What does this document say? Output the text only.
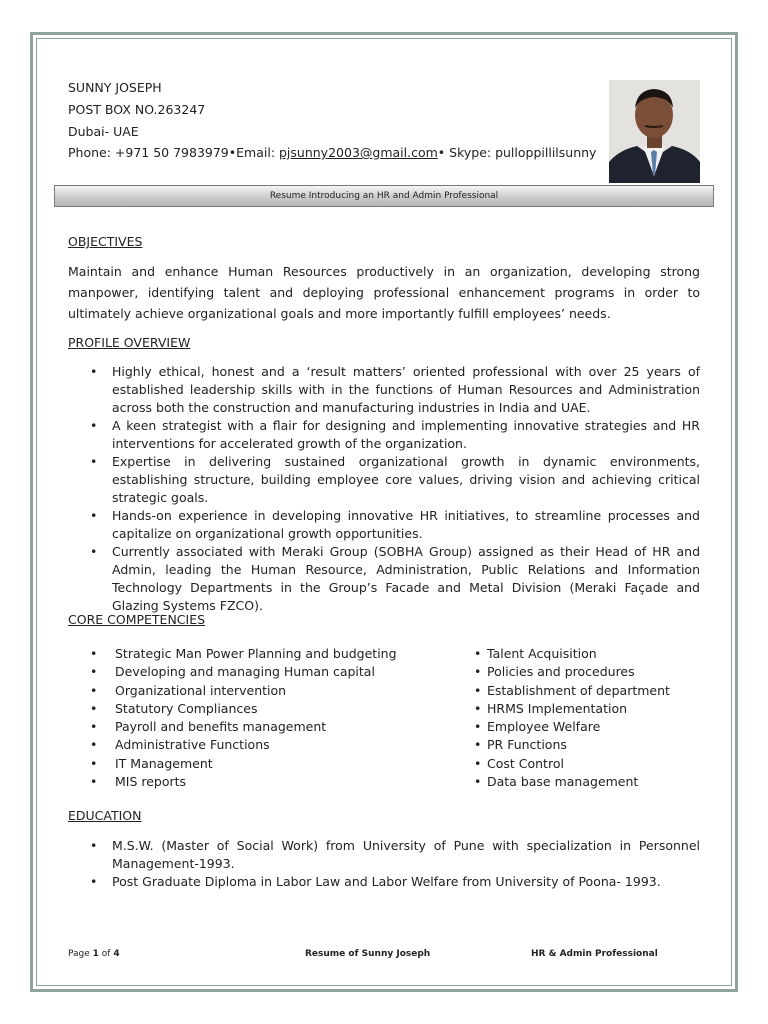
SUNNY JOSEPH
POST BOX NO.263247
Dubai- UAE
Phone: +971 50 7983979•Email: pjsunny2003@gmail.com• Skype: pulloppillilsunny
Resume Introducing an HR and Admin Professional
OBJECTIVES
Maintain and enhance Human Resources productively in an organization, developing strong manpower, identifying talent and deploying professional enhancement programs in order to ultimately achieve organizational goals and more importantly fulfill employees’ needs.
PROFILE OVERVIEW
• Highly ethical, honest and a ‘result matters’ oriented professional with over 25 years of established leadership skills with in the functions of Human Resources and Administration across both the construction and manufacturing industries in India and UAE.
• A keen strategist with a flair for designing and implementing innovative strategies and HR interventions for accelerated growth of the organization.
• Expertise in delivering sustained organizational growth in dynamic environments, establishing structure, building employee core values, driving vision and achieving critical strategic goals.
• Hands-on experience in developing innovative HR initiatives, to streamline processes and capitalize on organizational growth opportunities.
• Currently associated with Meraki Group (SOBHA Group) assigned as their Head of HR and Admin, leading the Human Resource, Administration, Public Relations and Information Technology Departments in the Group’s Facade and Metal Division (Meraki Façade and Glazing Systems FZCO).
CORE COMPETENCIES
• Strategic Man Power Planning and budgeting
• Developing and managing Human capital
• Organizational intervention
• Statutory Compliances
• Payroll and benefits management
• Administrative Functions
• IT Management
• MIS reports
• Talent Acquisition
• Policies and procedures
• Establishment of department
• HRMS Implementation
• Employee Welfare
• PR Functions
• Cost Control
• Data base management
EDUCATION
• M.S.W. (Master of Social Work) from University of Pune with specialization in Personnel Management-1993.
• Post Graduate Diploma in Labor Law and Labor Welfare from University of Poona- 1993.
Page 1 of 4	Resume of Sunny Joseph	HR & Admin Professional
